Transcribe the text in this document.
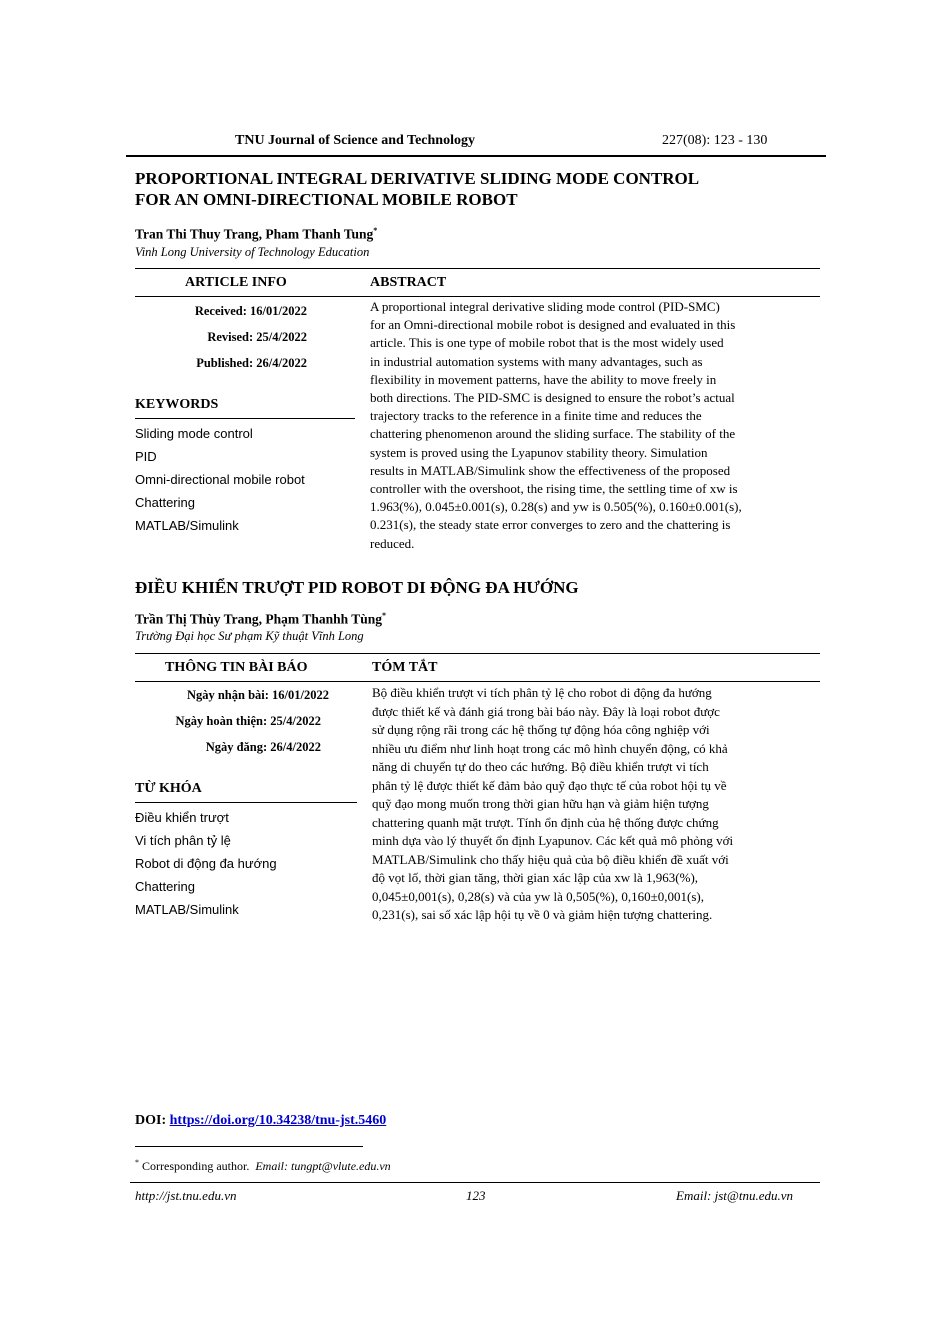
TNU Journal of Science and Technology	227(08): 123 - 130
PROPORTIONAL INTEGRAL DERIVATIVE SLIDING MODE CONTROL
FOR AN OMNI-DIRECTIONAL MOBILE ROBOT
Tran Thi Thuy Trang, Pham Thanh Tung*
Vinh Long University of Technology Education
ARTICLE INFO	ABSTRACT
Received: 16/01/2022
Revised: 25/4/2022
Published: 26/4/2022
KEYWORDS
Sliding mode control
PID
Omni-directional mobile robot
Chattering
MATLAB/Simulink
A proportional integral derivative sliding mode control (PID-SMC)
for an Omni-directional mobile robot is designed and evaluated in this
article. This is one type of mobile robot that is the most widely used
in industrial automation systems with many advantages, such as
flexibility in movement patterns, have the ability to move freely in
both directions. The PID-SMC is designed to ensure the robot’s actual
trajectory tracks to the reference in a finite time and reduces the
chattering phenomenon around the sliding surface. The stability of the
system is proved using the Lyapunov stability theory. Simulation
results in MATLAB/Simulink show the effectiveness of the proposed
controller with the overshoot, the rising time, the settling time of xw is
1.963(%), 0.045±0.001(s), 0.28(s) and yw is 0.505(%), 0.160±0.001(s),
0.231(s), the steady state error converges to zero and the chattering is
reduced.
ĐIỀU KHIỂN TRƯỢT PID ROBOT DI ĐỘNG ĐA HƯỚNG
Trần Thị Thùy Trang, Phạm Thanhh Tùng*
Trường Đại học Sư phạm Kỹ thuật Vĩnh Long
THÔNG TIN BÀI BÁO	TÓM TẮT
Ngày nhận bài: 16/01/2022
Ngày hoàn thiện: 25/4/2022
Ngày đăng: 26/4/2022
TỪ KHÓA
Điều khiển trượt
Vi tích phân tỷ lệ
Robot di động đa hướng
Chattering
MATLAB/Simulink
Bộ điều khiển trượt vi tích phân tỷ lệ cho robot di động đa hướng
được thiết kế và đánh giá trong bài báo này. Đây là loại robot được
sử dụng rộng rãi trong các hệ thống tự động hóa công nghiệp với
nhiều ưu điểm như linh hoạt trong các mô hình chuyển động, có khả
năng di chuyển tự do theo các hướng. Bộ điều khiển trượt vi tích
phân tỷ lệ được thiết kế đảm bảo quỹ đạo thực tế của robot hội tụ về
quỹ đạo mong muốn trong thời gian hữu hạn và giảm hiện tượng
chattering quanh mặt trượt. Tính ổn định của hệ thống được chứng
minh dựa vào lý thuyết ổn định Lyapunov. Các kết quả mô phỏng với
MATLAB/Simulink cho thấy hiệu quả của bộ điều khiển đề xuất với
độ vọt lố, thời gian tăng, thời gian xác lập của xw là 1,963(%),
0,045±0,001(s), 0,28(s) và của yw là 0,505(%), 0,160±0,001(s),
0,231(s), sai số xác lập hội tụ về 0 và giảm hiện tượng chattering.
DOI: https://doi.org/10.34238/tnu-jst.5460
* Corresponding author. Email: tungpt@vlute.edu.vn
http://jst.tnu.edu.vn	123	Email: jst@tnu.edu.vn
